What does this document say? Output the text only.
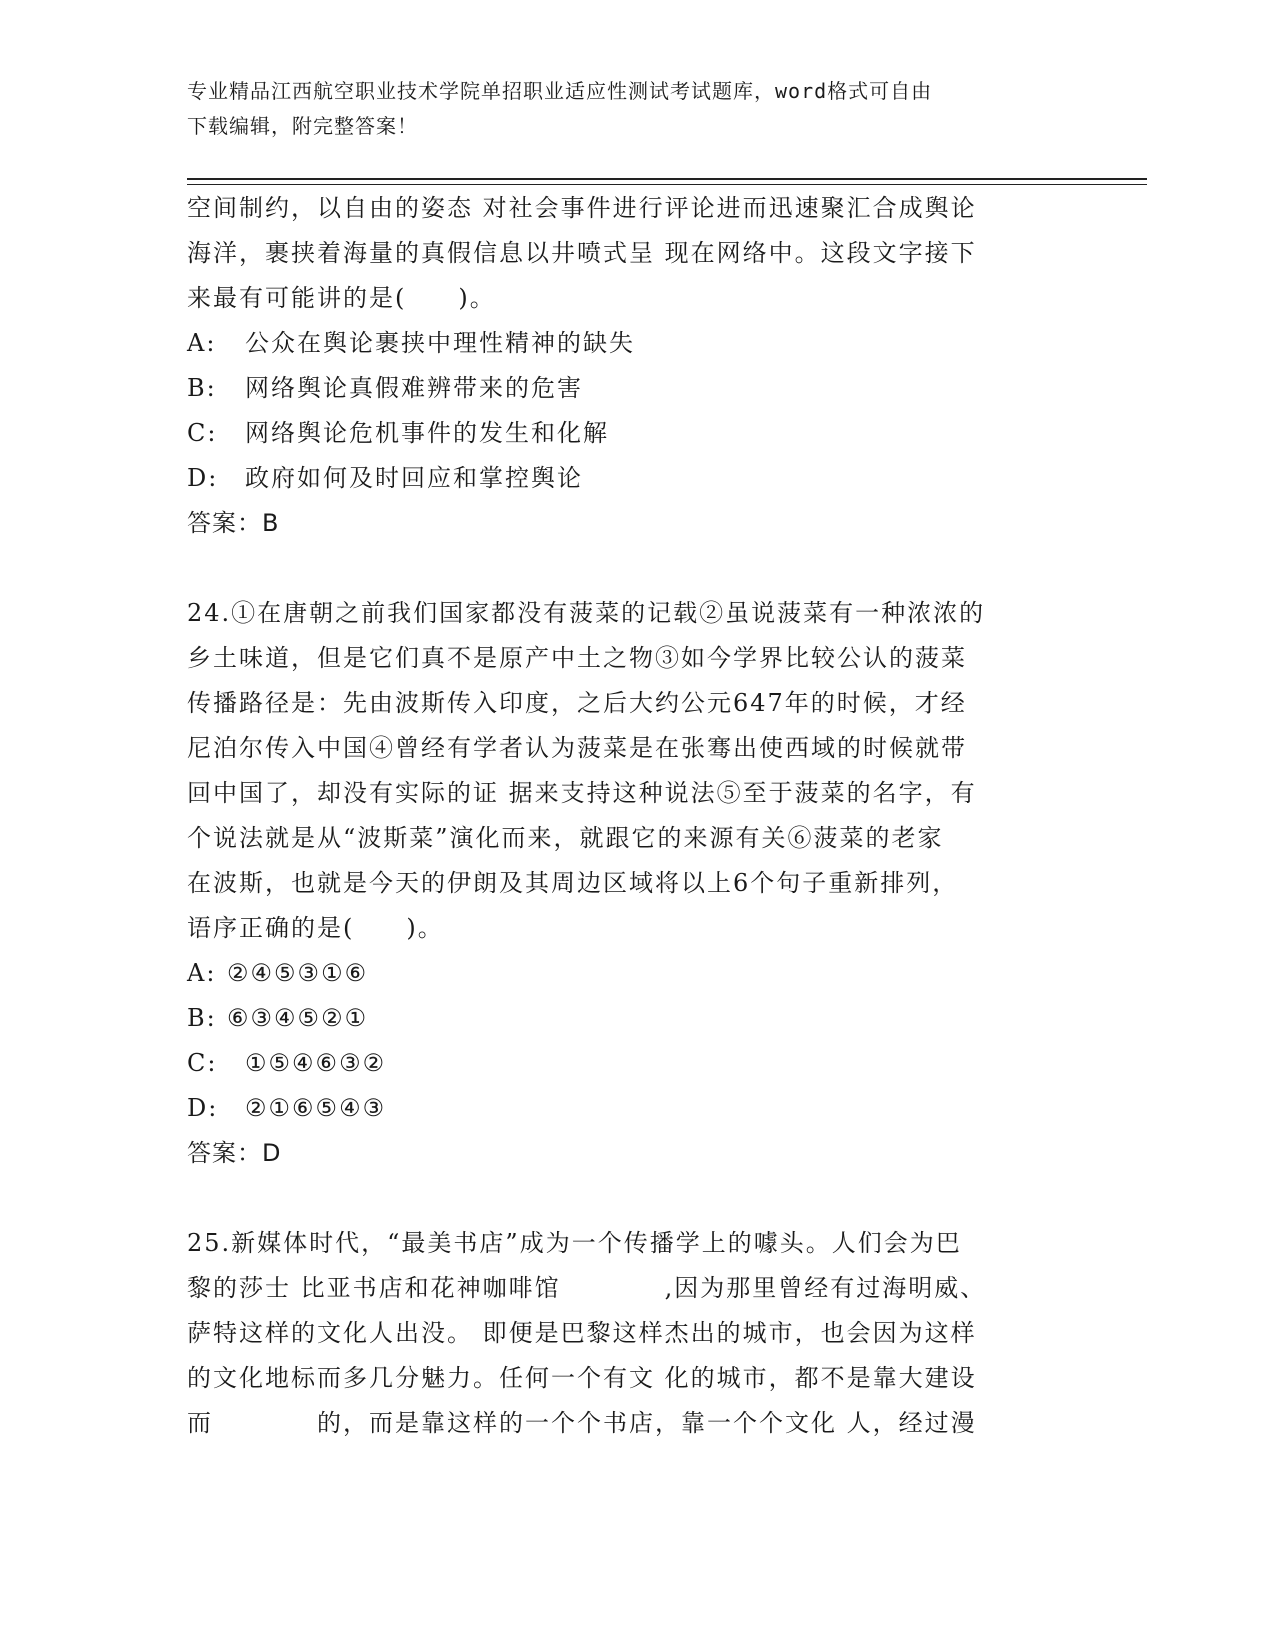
专业精品江西航空职业技术学院单招职业适应性测试考试题库，word格式可自由
下载编辑，附完整答案！
空间制约，以自由的姿态 对社会事件进行评论进而迅速聚汇合成舆论
海洋，裹挟着海量的真假信息以井喷式呈 现在网络中。这段文字接下
来最有可能讲的是(　　)。
A: 公众在舆论裹挟中理性精神的缺失
B: 网络舆论真假难辨带来的危害
C: 网络舆论危机事件的发生和化解
D: 政府如何及时回应和掌控舆论
答案：B
24.①在唐朝之前我们国家都没有菠菜的记载②虽说菠菜有一种浓浓的
乡土味道，但是它们真不是原产中土之物③如今学界比较公认的菠菜
传播路径是：先由波斯传入印度，之后大约公元647年的时候，才经
尼泊尔传入中国④曾经有学者认为菠菜是在张骞出使西域的时候就带
回中国了，却没有实际的证 据来支持这种说法⑤至于菠菜的名字，有
个说法就是从“波斯菜”演化而来，就跟它的来源有关⑥菠菜的老家
在波斯，也就是今天的伊朗及其周边区域将以上6个句子重新排列，
语序正确的是(　　)。
A: ②④⑤③①⑥
B: ⑥③④⑤②①
C: ①⑤④⑥③②
D: ②①⑥⑤④③
答案：D
25.新媒体时代，“最美书店”成为一个传播学上的噱头。人们会为巴
黎的莎士 比亚书店和花神咖啡馆　　　　,因为那里曾经有过海明威、
萨特这样的文化人出没。 即便是巴黎这样杰出的城市，也会因为这样
的文化地标而多几分魅力。任何一个有文 化的城市，都不是靠大建设
而　　　　的，而是靠这样的一个个书店，靠一个个文化 人，经过漫
